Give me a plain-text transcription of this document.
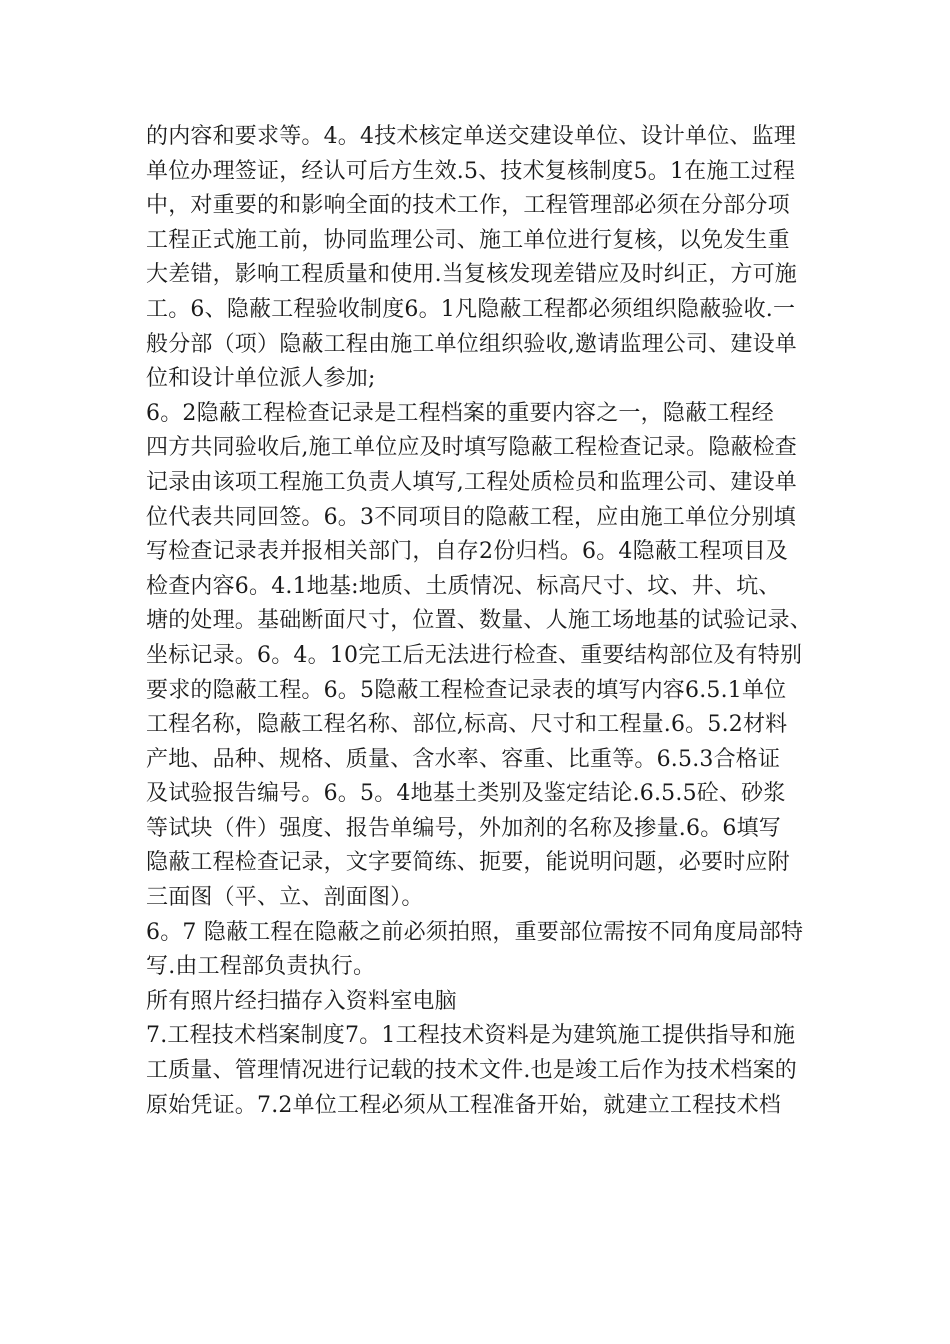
的内容和要求等。4。4技术核定单送交建设单位、设计单位、监理
单位办理签证，经认可后方生效.5、技术复核制度5。1在施工过程
中，对重要的和影响全面的技术工作，工程管理部必须在分部分项
工程正式施工前，协同监理公司、施工单位进行复核，以免发生重
大差错，影响工程质量和使用.当复核发现差错应及时纠正，方可施
工。6、隐蔽工程验收制度6。1凡隐蔽工程都必须组织隐蔽验收.一
般分部（项）隐蔽工程由施工单位组织验收,邀请监理公司、建设单
位和设计单位派人参加;
6。2隐蔽工程检查记录是工程档案的重要内容之一，隐蔽工程经
四方共同验收后,施工单位应及时填写隐蔽工程检查记录。隐蔽检查
记录由该项工程施工负责人填写,工程处质检员和监理公司、建设单
位代表共同回签。6。3不同项目的隐蔽工程，应由施工单位分别填
写检查记录表并报相关部门，自存2份归档。6。4隐蔽工程项目及
检查内容6。4.1地基:地质、土质情况、标高尺寸、坟、井、坑、
塘的处理。基础断面尺寸，位置、数量、人施工场地基的试验记录、
坐标记录。6。4。10完工后无法进行检查、重要结构部位及有特别
要求的隐蔽工程。6。5隐蔽工程检查记录表的填写内容6.5.1单位
工程名称，隐蔽工程名称、部位,标高、尺寸和工程量.6。5.2材料
产地、品种、规格、质量、含水率、容重、比重等。6.5.3合格证
及试验报告编号。6。5。4地基土类别及鉴定结论.6.5.5砼、砂浆
等试块（件）强度、报告单编号，外加剂的名称及掺量.6。6填写
隐蔽工程检查记录，文字要简练、扼要，能说明问题，必要时应附
三面图（平、立、剖面图）。
6。7 隐蔽工程在隐蔽之前必须拍照，重要部位需按不同角度局部特
写.由工程部负责执行。
所有照片经扫描存入资料室电脑
7.工程技术档案制度7。1工程技术资料是为建筑施工提供指导和施
工质量、管理情况进行记载的技术文件.也是竣工后作为技术档案的
原始凭证。7.2单位工程必须从工程准备开始，就建立工程技术档
